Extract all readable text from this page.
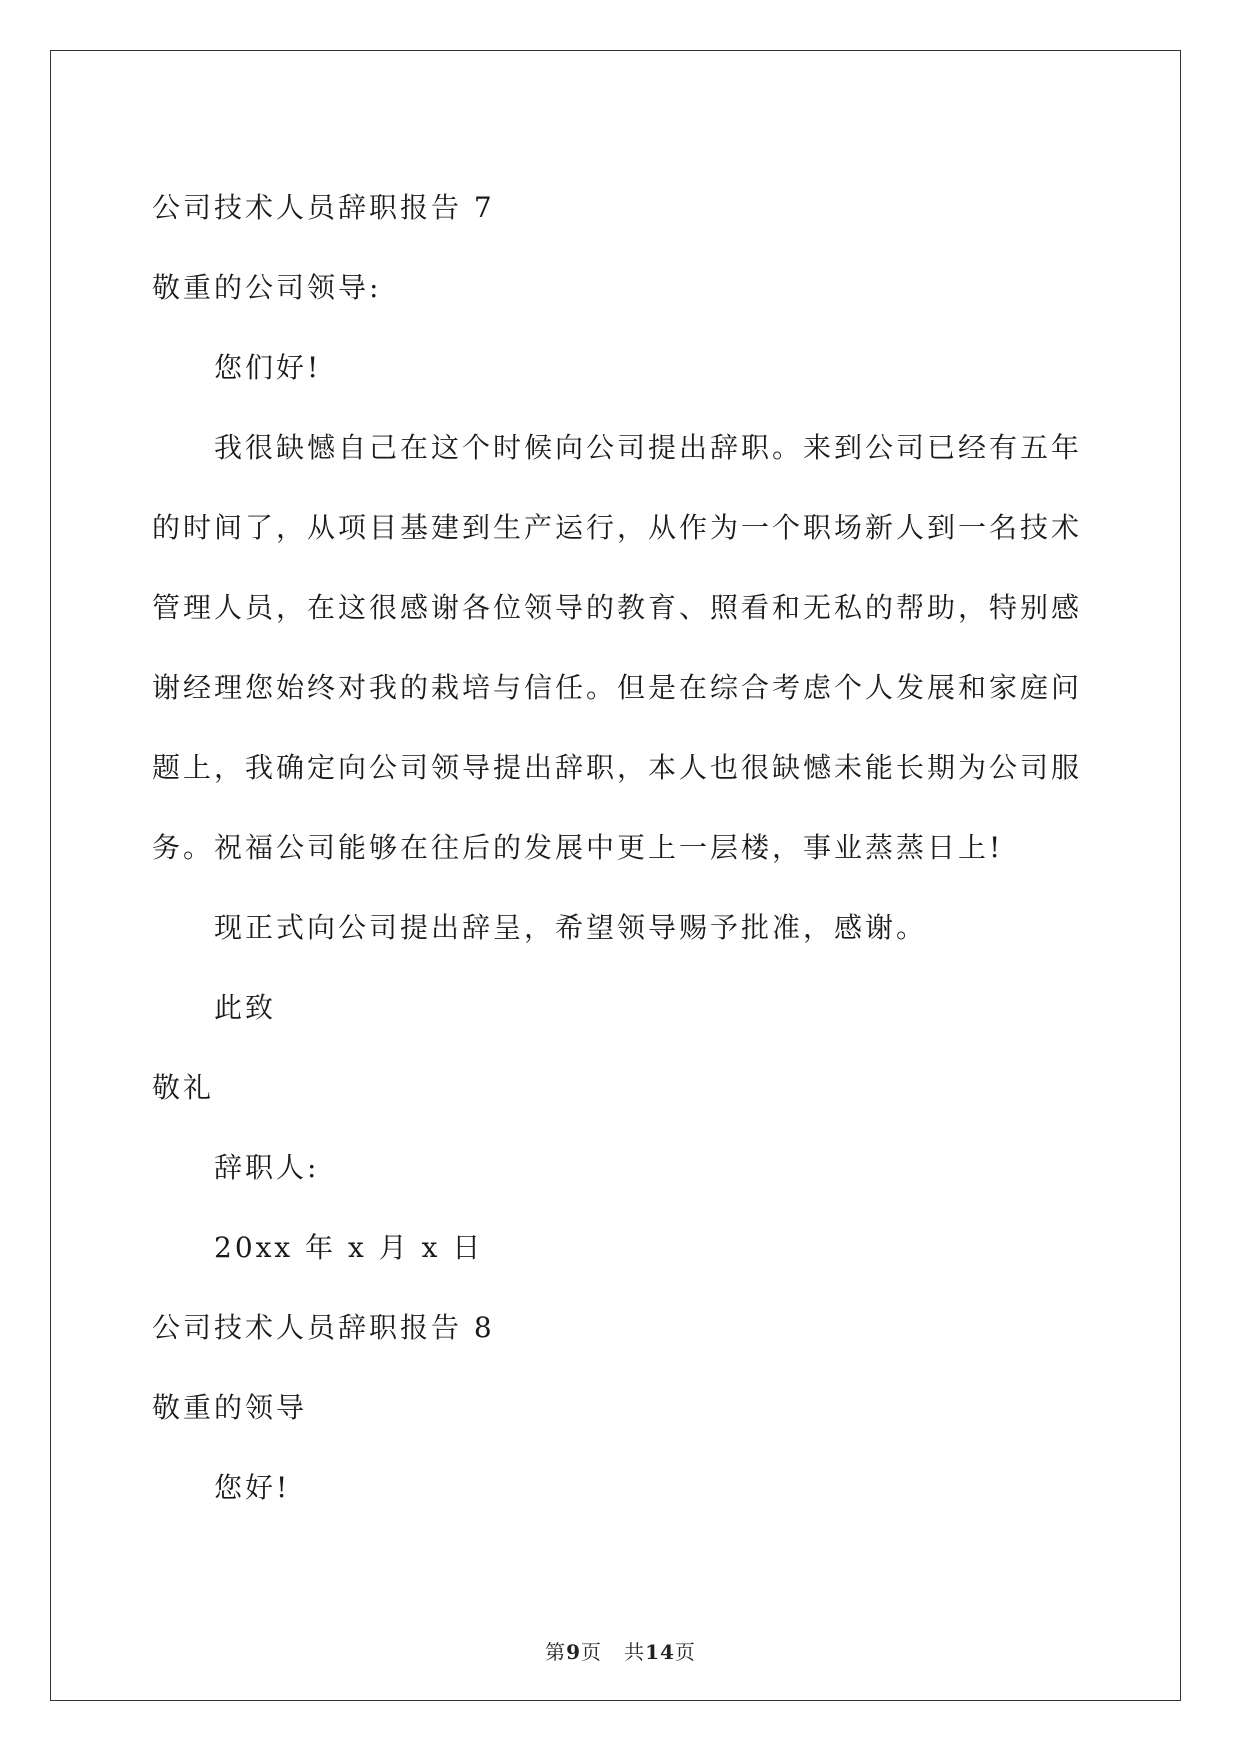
公司技术人员辞职报告 7
敬重的公司领导:
您们好!
我很缺憾自己在这个时候向公司提出辞职。来到公司已经有五年
的时间了，从项目基建到生产运行，从作为一个职场新人到一名技术
管理人员，在这很感谢各位领导的教育、照看和无私的帮助，特别感
谢经理您始终对我的栽培与信任。但是在综合考虑个人发展和家庭问
题上，我确定向公司领导提出辞职，本人也很缺憾未能长期为公司服
务。祝福公司能够在往后的发展中更上一层楼，事业蒸蒸日上!
现正式向公司提出辞呈，希望领导赐予批准，感谢。
此致
敬礼
辞职人:
20xx 年 x 月 x 日
公司技术人员辞职报告 8
敬重的领导
您好!
第9页 共14页
